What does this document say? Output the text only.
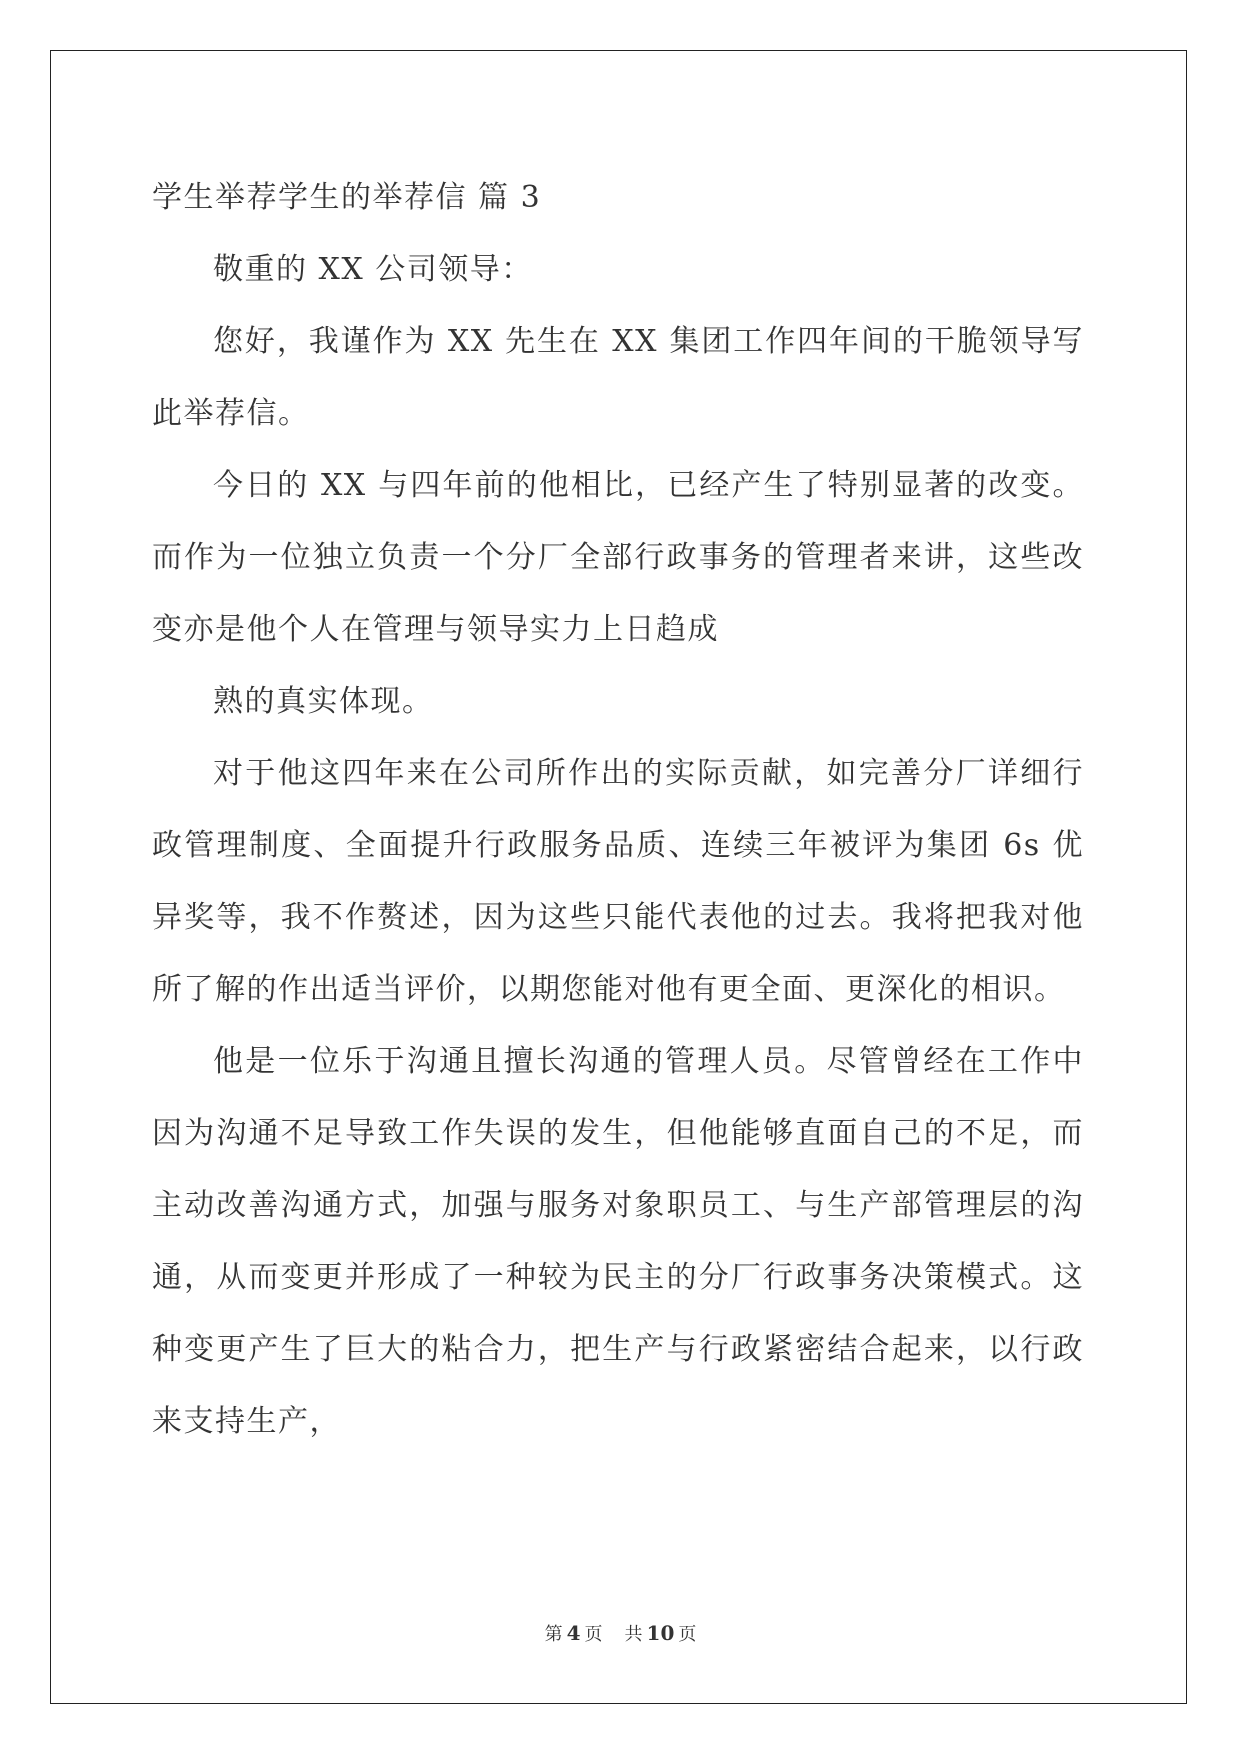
学生举荐学生的举荐信 篇 3

敬重的 XX 公司领导：

您好，我谨作为 XX 先生在 XX 集团工作四年间的干脆领导写此举荐信。

今日的 XX 与四年前的他相比，已经产生了特别显著的改变。而作为一位独立负责一个分厂全部行政事务的管理者来讲，这些改变亦是他个人在管理与领导实力上日趋成

熟的真实体现。

对于他这四年来在公司所作出的实际贡献，如完善分厂详细行政管理制度、全面提升行政服务品质、连续三年被评为集团 6s 优异奖等，我不作赘述，因为这些只能代表他的过去。我将把我对他所了解的作出适当评价，以期您能对他有更全面、更深化的相识。

他是一位乐于沟通且擅长沟通的管理人员。尽管曾经在工作中因为沟通不足导致工作失误的发生，但他能够直面自己的不足，而主动改善沟通方式，加强与服务对象职员工、与生产部管理层的沟通，从而变更并形成了一种较为民主的分厂行政事务决策模式。这种变更产生了巨大的粘合力，把生产与行政紧密结合起来，以行政来支持生产，

第 4 页 共 10 页
